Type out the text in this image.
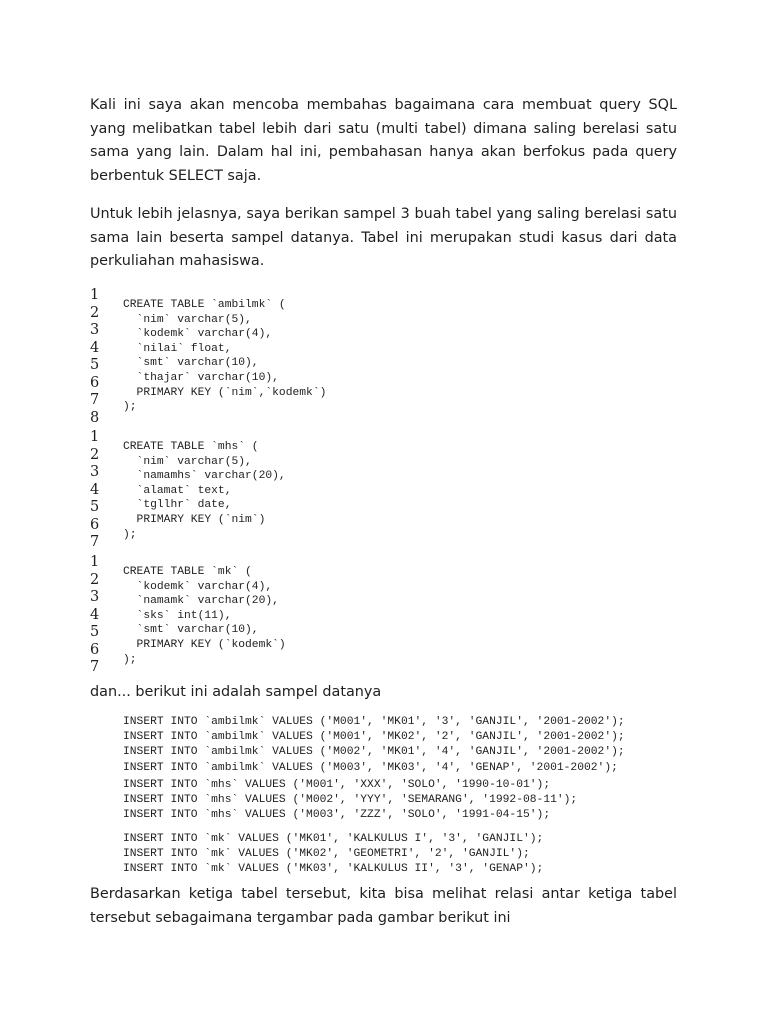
Kali ini saya akan mencoba membahas bagaimana cara membuat query SQL yang melibatkan tabel lebih dari satu (multi tabel) dimana saling berelasi satu sama yang lain. Dalam hal ini, pembahasan hanya akan berfokus pada query berbentuk SELECT saja.

Untuk lebih jelasnya, saya berikan sampel 3 buah tabel yang saling berelasi satu sama lain beserta sampel datanya. Tabel ini merupakan studi kasus dari data perkuliahan mahasiswa.

1
2
3
4
5
6
7
8
CREATE TABLE `ambilmk` (
`nim` varchar(5),
`kodemk` varchar(4),
`nilai` float,
`smt` varchar(10),
`thajar` varchar(10),
PRIMARY KEY (`nim`,`kodemk`)
);
1
2
3
4
5
6
7
CREATE TABLE `mhs` (
`nim` varchar(5),
`namamhs` varchar(20),
`alamat` text,
`tgllhr` date,
PRIMARY KEY (`nim`)
);
1
2
3
4
5
6
7
CREATE TABLE `mk` (
`kodemk` varchar(4),
`namamk` varchar(20),
`sks` int(11),
`smt` varchar(10),
PRIMARY KEY (`kodemk`)
);

dan... berikut ini adalah sampel datanya

INSERT INTO `ambilmk` VALUES ('M001', 'MK01', '3', 'GANJIL', '2001-2002');
INSERT INTO `ambilmk` VALUES ('M001', 'MK02', '2', 'GANJIL', '2001-2002');
INSERT INTO `ambilmk` VALUES ('M002', 'MK01', '4', 'GANJIL', '2001-2002');
INSERT INTO `ambilmk` VALUES ('M003', 'MK03', '4', 'GENAP', '2001-2002');
INSERT INTO `mhs` VALUES ('M001', 'XXX', 'SOLO', '1990-10-01');
INSERT INTO `mhs` VALUES ('M002', 'YYY', 'SEMARANG', '1992-08-11');
INSERT INTO `mhs` VALUES ('M003', 'ZZZ', 'SOLO', '1991-04-15');
INSERT INTO `mk` VALUES ('MK01', 'KALKULUS I', '3', 'GANJIL');
INSERT INTO `mk` VALUES ('MK02', 'GEOMETRI', '2', 'GANJIL');
INSERT INTO `mk` VALUES ('MK03', 'KALKULUS II', '3', 'GENAP');

Berdasarkan ketiga tabel tersebut, kita bisa melihat relasi antar ketiga tabel tersebut sebagaimana tergambar pada gambar berikut ini
